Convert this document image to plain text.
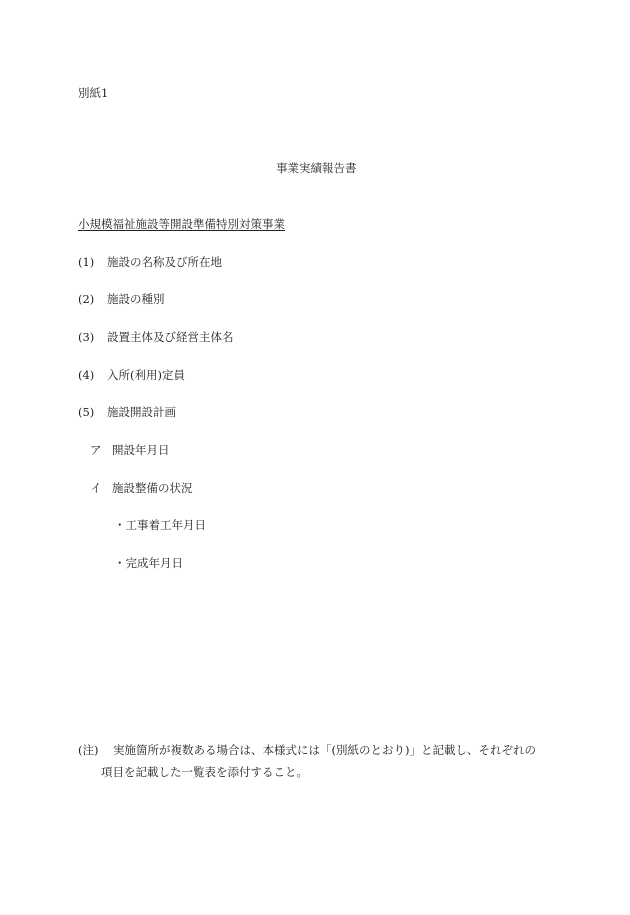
別紙1
事業実績報告書
小規模福祉施設等開設準備特別対策事業
(1) 施設の名称及び所在地
(2) 施設の種別
(3) 設置主体及び経営主体名
(4) 入所(利用)定員
(5) 施設開設計画
ア 開設年月日
イ 施設整備の状況
・工事着工年月日
・完成年月日
(注) 実施箇所が複数ある場合は、本様式には「(別紙のとおり)」と記載し、それぞれの
項目を記載した一覧表を添付すること。
